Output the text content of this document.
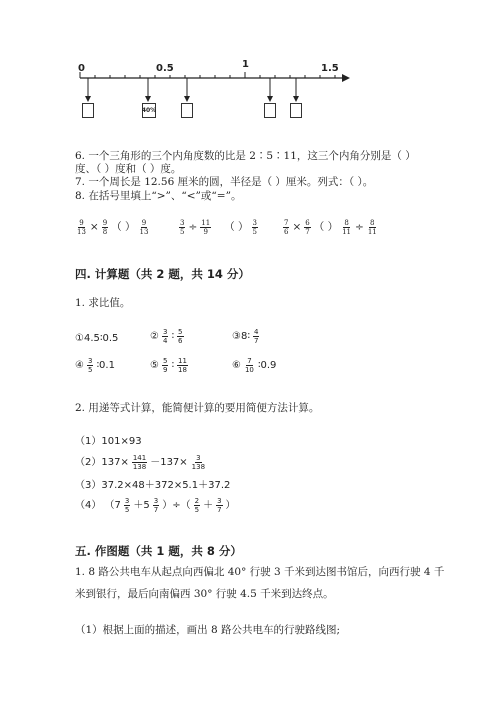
0	0.5	1	1.5
40%
6. 一个三角形的三个内角度数的比是 2∶5∶11，这三个内角分别是（ ）
度、（ ）度和（ ）度。
7. 一个周长是 12.56 厘米的圆，半径是（ ）厘米。列式：（ ）。
8. 在括号里填上“>”、“<”或“=”。
$\frac{9}{13} \times \frac{9}{8}$ （ ） $\frac{9}{13}$	$\frac{3}{5} \div \frac{11}{9}$ （ ） $\frac{3}{5}$	$\frac{7}{6} \times \frac{6}{7}$ （ ） $\frac{8}{11} \div \frac{8}{11}$
四. 计算题（共 2 题，共 14 分）
1. 求比值。
①4.5∶0.5	② $\frac{3}{4}$ ∶ $\frac{5}{6}$	③8∶ $\frac{4}{7}$
④ $\frac{3}{5}$ ∶0.1	⑤ $\frac{5}{9}$ ∶ $\frac{11}{18}$	⑥ $\frac{7}{10}$ ∶0.9
2. 用递等式计算，能简便计算的要用简便方法计算。
（1）101×93
$(2)137\times \frac{141}{138} -137\times \frac{3}{138}$
（3）37.2×48＋372×5.1＋37.2
（4） （$7 \frac{3}{5} +5 \frac{3}{7}$ ）÷（ $\frac{2}{5} + \frac{3}{7}$ ）
五. 作图题（共 1 题，共 8 分）
1. 8 路公共电车从起点向西偏北 40° 行驶 3 千米到达图书馆后，向西行驶 4 千
米到银行，最后向南偏西 30° 行驶 4.5 千米到达终点。
（1）根据上面的描述，画出 8 路公共电车的行驶路线图;
